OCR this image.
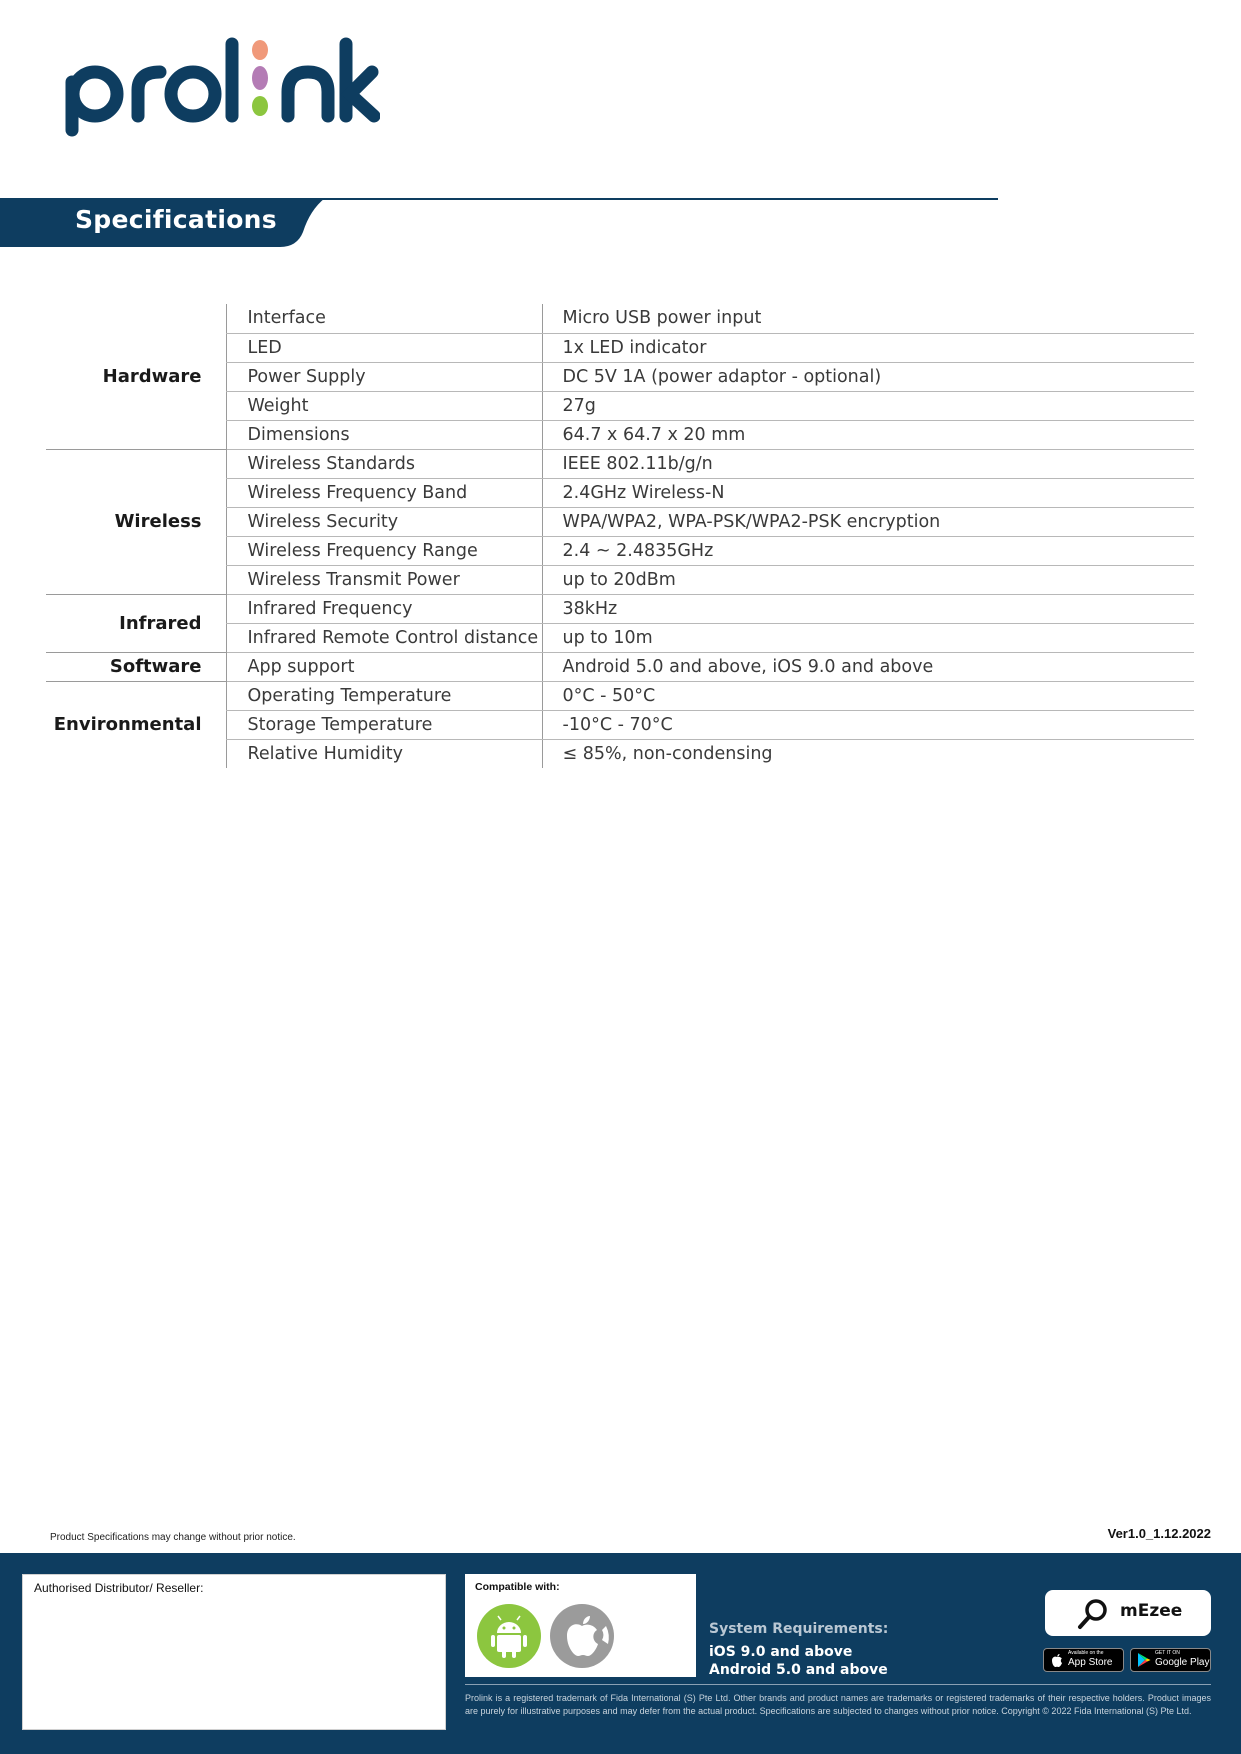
Specifications
Hardware	Interface	Micro USB power input
	LED	1x LED indicator
	Power Supply	DC 5V 1A (power adaptor - optional)
	Weight	27g
	Dimensions	64.7 x 64.7 x 20 mm
Wireless	Wireless Standards	IEEE 802.11b/g/n
	Wireless Frequency Band	2.4GHz Wireless-N
	Wireless Security	WPA/WPA2, WPA-PSK/WPA2-PSK encryption
	Wireless Frequency Range	2.4 ~ 2.4835GHz
	Wireless Transmit Power	up to 20dBm
Infrared	Infrared Frequency	38kHz
	Infrared Remote Control distance	up to 10m
Software	App support	Android 5.0 and above, iOS 9.0 and above
Environmental	Operating Temperature	0°C - 50°C
	Storage Temperature	-10°C - 70°C
	Relative Humidity	≤ 85%, non-condensing
Product Specifications may change without prior notice.	Ver1.0_1.12.2022
Authorised Distributor/ Reseller:	Compatible with:
System Requirements:
iOS 9.0 and above
Android 5.0 and above
mEzee
Available on the
App Store
GET IT ON
Google Play
Prolink is a registered trademark of Fida International (S) Pte Ltd. Other brands and product names are trademarks or registered trademarks of their respective holders. Product images are purely for illustrative purposes and may defer from the actual product. Specifications are subjected to changes without prior notice. Copyright © 2022 Fida International (S) Pte Ltd.
